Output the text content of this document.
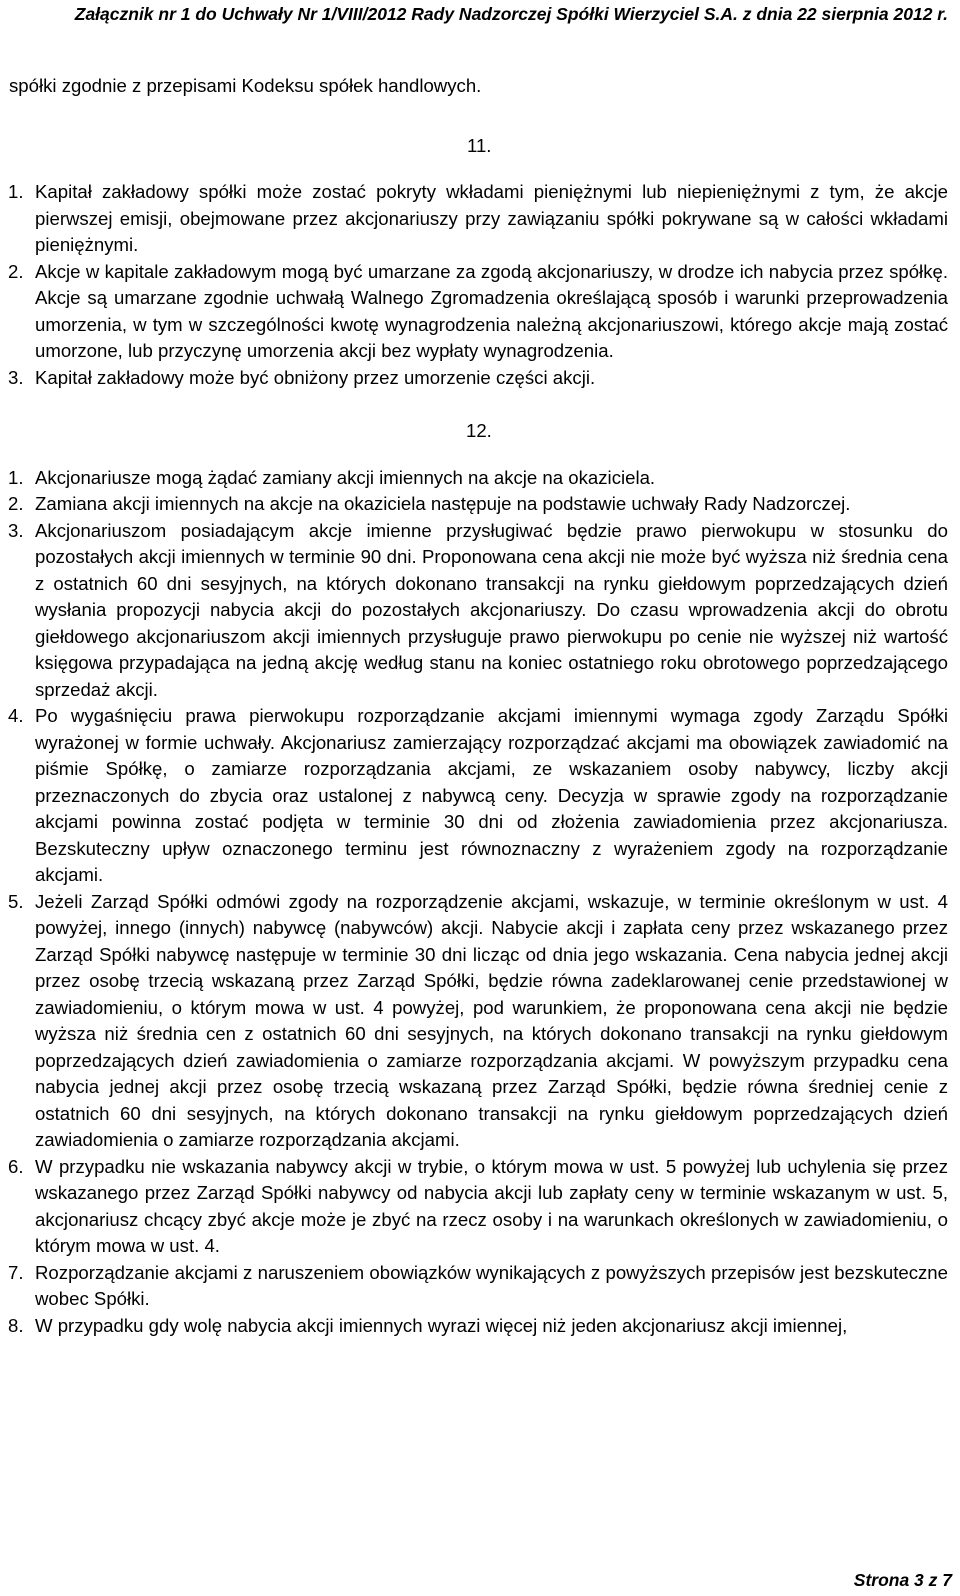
Załącznik nr 1 do Uchwały Nr 1/VIII/2012 Rady Nadzorczej Spółki Wierzyciel S.A. z dnia 22 sierpnia 2012 r.
spółki zgodnie z przepisami Kodeksu spółek handlowych.
11.
1. Kapitał zakładowy spółki może zostać pokryty wkładami pieniężnymi lub niepieniężnymi z tym, że akcje pierwszej emisji, obejmowane przez akcjonariuszy przy zawiązaniu spółki pokrywane są w całości wkładami pieniężnymi.
2. Akcje w kapitale zakładowym mogą być umarzane za zgodą akcjonariuszy, w drodze ich nabycia przez spółkę. Akcje są umarzane zgodnie uchwałą Walnego Zgromadzenia określającą sposób i warunki przeprowadzenia umorzenia, w tym w szczególności kwotę wynagrodzenia należną akcjonariuszowi, którego akcje mają zostać umorzone, lub przyczynę umorzenia akcji bez wypłaty wynagrodzenia.
3. Kapitał zakładowy może być obniżony przez umorzenie części akcji.
12.
1. Akcjonariusze mogą żądać zamiany akcji imiennych na akcje na okaziciela.
2. Zamiana akcji imiennych na akcje na okaziciela następuje na podstawie uchwały Rady Nadzorczej.
3. Akcjonariuszom posiadającym akcje imienne przysługiwać będzie prawo pierwokupu w stosunku do pozostałych akcji imiennych w terminie 90 dni. Proponowana cena akcji nie może być wyższa niż średnia cena z ostatnich 60 dni sesyjnych, na których dokonano transakcji na rynku giełdowym poprzedzających dzień wysłania propozycji nabycia akcji do pozostałych akcjonariuszy. Do czasu wprowadzenia akcji do obrotu giełdowego akcjonariuszom akcji imiennych przysługuje prawo pierwokupu po cenie nie wyższej niż wartość księgowa przypadająca na jedną akcję według stanu na koniec ostatniego roku obrotowego poprzedzającego sprzedaż akcji.
4. Po wygaśnięciu prawa pierwokupu rozporządzanie akcjami imiennymi wymaga zgody Zarządu Spółki wyrażonej w formie uchwały. Akcjonariusz zamierzający rozporządzać akcjami ma obowiązek zawiadomić na piśmie Spółkę, o zamiarze rozporządzania akcjami, ze wskazaniem osoby nabywcy, liczby akcji przeznaczonych do zbycia oraz ustalonej z nabywcą ceny. Decyzja w sprawie zgody na rozporządzanie akcjami powinna zostać podjęta w terminie 30 dni od złożenia zawiadomienia przez akcjonariusza. Bezskuteczny upływ oznaczonego terminu jest równoznaczny z wyrażeniem zgody na rozporządzanie akcjami.
5. Jeżeli Zarząd Spółki odmówi zgody na rozporządzenie akcjami, wskazuje, w terminie określonym w ust. 4 powyżej, innego (innych) nabywcę (nabywców) akcji. Nabycie akcji i zapłata ceny przez wskazanego przez Zarząd Spółki nabywcę następuje w terminie 30 dni licząc od dnia jego wskazania. Cena nabycia jednej akcji przez osobę trzecią wskazaną przez Zarząd Spółki, będzie równa zadeklarowanej cenie przedstawionej w zawiadomieniu, o którym mowa w ust. 4 powyżej, pod warunkiem, że proponowana cena akcji nie będzie wyższa niż średnia cen z ostatnich 60 dni sesyjnych, na których dokonano transakcji na rynku giełdowym poprzedzających dzień zawiadomienia o zamiarze rozporządzania akcjami. W powyższym przypadku cena nabycia jednej akcji przez osobę trzecią wskazaną przez Zarząd Spółki, będzie równa średniej cenie z ostatnich 60 dni sesyjnych, na których dokonano transakcji na rynku giełdowym poprzedzających dzień zawiadomienia o zamiarze rozporządzania akcjami.
6. W przypadku nie wskazania nabywcy akcji w trybie, o którym mowa w ust. 5 powyżej lub uchylenia się przez wskazanego przez Zarząd Spółki nabywcy od nabycia akcji lub zapłaty ceny w terminie wskazanym w ust. 5, akcjonariusz chcący zbyć akcje może je zbyć na rzecz osoby i na warunkach określonych w zawiadomieniu, o którym mowa w ust. 4.
7. Rozporządzanie akcjami z naruszeniem obowiązków wynikających z powyższych przepisów jest bezskuteczne wobec Spółki.
8. W przypadku gdy wolę nabycia akcji imiennych wyrazi więcej niż jeden akcjonariusz akcji imiennej,
Strona 3 z 7
